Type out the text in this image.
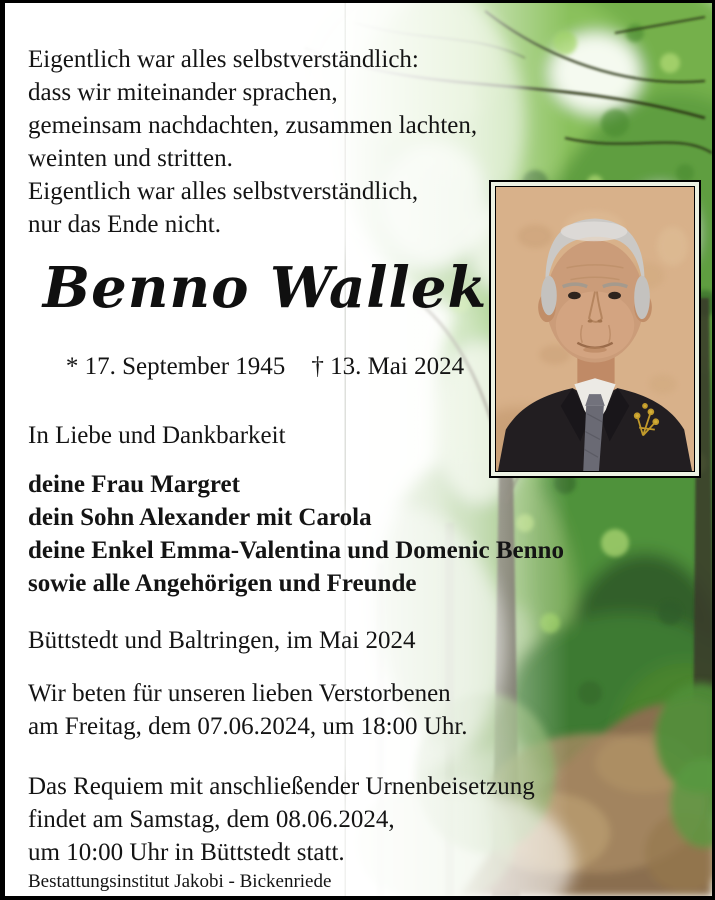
Eigentlich war alles selbstverständlich:
dass wir miteinander sprachen,
gemeinsam nachdachten, zusammen lachten,
weinten und stritten.
Eigentlich war alles selbstverständlich,
nur das Ende nicht.
Benno Wallek
* 17. September 1945 † 13. Mai 2024
In Liebe und Dankbarkeit
deine Frau Margret
dein Sohn Alexander mit Carola
deine Enkel Emma-Valentina und Domenic Benno
sowie alle Angehörigen und Freunde
Büttstedt und Baltringen, im Mai 2024
Wir beten für unseren lieben Verstorbenen
am Freitag, dem 07.06.2024, um 18:00 Uhr.
Das Requiem mit anschließender Urnenbeisetzung
findet am Samstag, dem 08.06.2024,
um 10:00 Uhr in Büttstedt statt.
Bestattungsinstitut Jakobi - Bickenriede
